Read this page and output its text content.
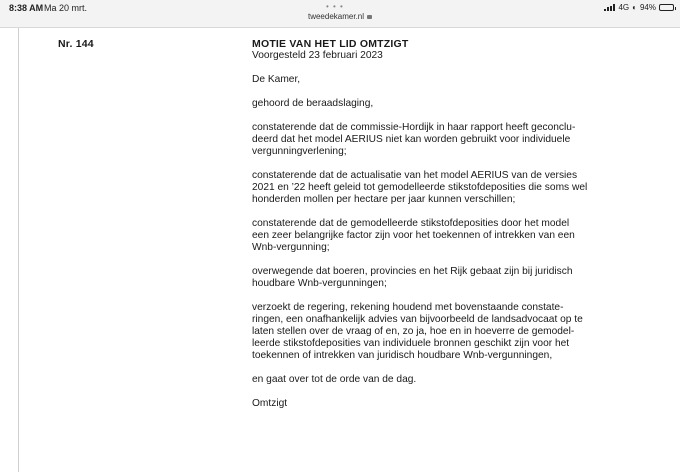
8:38 AM Ma 20 mrt.	• • •
tweedekamer.nl
4G ◐ 94%
Nr. 144	MOTIE VAN HET LID OMTZIGT
Voorgesteld 23 februari 2023
De Kamer,
gehoord de beraadslaging,
constaterende dat de commissie-Hordijk in haar rapport heeft geconclu-
deerd dat het model AERIUS niet kan worden gebruikt voor individuele
vergunningverlening;
constaterende dat de actualisatie van het model AERIUS van de versies
2021 en ’22 heeft geleid tot gemodelleerde stikstofdeposities die soms wel
honderden mollen per hectare per jaar kunnen verschillen;
constaterende dat de gemodelleerde stikstofdeposities door het model
een zeer belangrijke factor zijn voor het toekennen of intrekken van een
Wnb-vergunning;
overwegende dat boeren, provincies en het Rijk gebaat zijn bij juridisch
houdbare Wnb-vergunningen;
verzoekt de regering, rekening houdend met bovenstaande constate-
ringen, een onafhankelijk advies van bijvoorbeeld de landsadvocaat op te
laten stellen over de vraag of en, zo ja, hoe en in hoeverre de gemodel-
leerde stikstofdeposities van individuele bronnen geschikt zijn voor het
toekennen of intrekken van juridisch houdbare Wnb-vergunningen,
en gaat over tot de orde van de dag.
Omtzigt
